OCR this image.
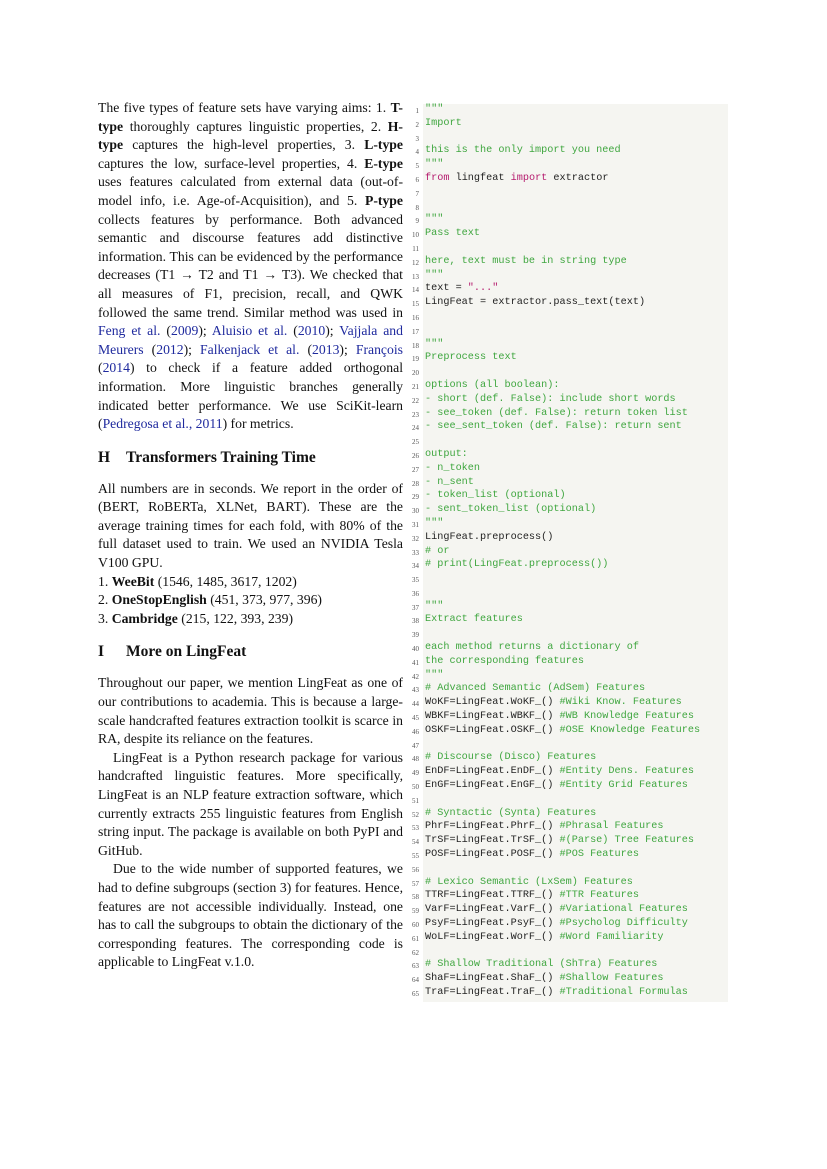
The five types of feature sets have varying aims: 1. T-type thoroughly captures linguistic properties, 2. H-type captures the high-level properties, 3. L-type captures the low, surface-level properties, 4. E-type uses features calculated from external data (out-of-model info, i.e. Age-of-Acquisition), and 5. P-type collects features by performance. Both advanced semantic and discourse features add distinctive information. This can be evidenced by the performance decreases (T1 → T2 and T1 → T3). We checked that all measures of F1, precision, recall, and QWK followed the same trend. Similar method was used in Feng et al. (2009); Aluisio et al. (2010); Vajjala and Meurers (2012); Falkenjack et al. (2013); François (2014) to check if a feature added orthogonal information. More linguistic branches generally indicated better performance. We use SciKit-learn (Pedregosa et al., 2011) for metrics.

H Transformers Training Time

All numbers are in seconds. We report in the order of (BERT, RoBERTa, XLNet, BART). These are the average training times for each fold, with 80% of the full dataset used to train. We used an NVIDIA Tesla V100 GPU.

1. WeeBit (1546, 1485, 3617, 1202)
2. OneStopEnglish (451, 373, 977, 396)
3. Cambridge (215, 122, 393, 239)
I More on LingFeat

Throughout our paper, we mention LingFeat as one of our contributions to academia. This is because a large-scale handcrafted features extraction toolkit is scarce in RA, despite its reliance on the features.

LingFeat is a Python research package for various handcrafted linguistic features. More specifically, LingFeat is an NLP feature extraction software, which currently extracts 255 linguistic features from English string input. The package is available on both PyPI and GitHub.

Due to the wide number of supported features, we had to define subgroups (section 3) for features. Hence, features are not accessible individually. Instead, one has to call the subgroups to obtain the dictionary of the corresponding features. The corresponding code is applicable to LingFeat v.1.0.

1 """
2 Import
3
4 this is the only import you need
5 """
6 from lingfeat import extractor
7
8
9 """
10 Pass text
11
12 here, text must be in string type
13 """
14 text = "..."
15 LingFeat = extractor.pass_text(text)
16
17
18 """
19 Preprocess text
20
21 options (all boolean):
22 - short (def. False): include short words
23 - see_token (def. False): return token list
24 - see_sent_token (def. False): return sent
25
26 output:
27 - n_token
28 - n_sent
29 - token_list (optional)
30 - sent_token_list (optional)
31 """
32 LingFeat.preprocess()
33 # or
34 # print(LingFeat.preprocess())
35
36
37 """
38 Extract features
39
40 each method returns a dictionary of
41 the corresponding features
42 """
43 # Advanced Semantic (AdSem) Features
44 WoKF=LingFeat.WoKF_() #Wiki Know. Features
45 WBKF=LingFeat.WBKF_() #WB Knowledge Features
46 OSKF=LingFeat.OSKF_() #OSE Knowledge Features
47
48 # Discourse (Disco) Features
49 EnDF=LingFeat.EnDF_() #Entity Dens. Features
50 EnGF=LingFeat.EnGF_() #Entity Grid Features
51
52 # Syntactic (Synta) Features
53 PhrF=LingFeat.PhrF_() #Phrasal Features
54 TrSF=LingFeat.TrSF_() #(Parse) Tree Features
55 POSF=LingFeat.POSF_() #POS Features
56
57 # Lexico Semantic (LxSem) Features
58 TTRF=LingFeat.TTRF_() #TTR Features
59 VarF=LingFeat.VarF_() #Variational Features
60 PsyF=LingFeat.PsyF_() #Psycholog Difficulty
61 WoLF=LingFeat.WorF_() #Word Familiarity
62
63 # Shallow Traditional (ShTra) Features
64 ShaF=LingFeat.ShaF_() #Shallow Features
65 TraF=LingFeat.TraF_() #Traditional Formulas
